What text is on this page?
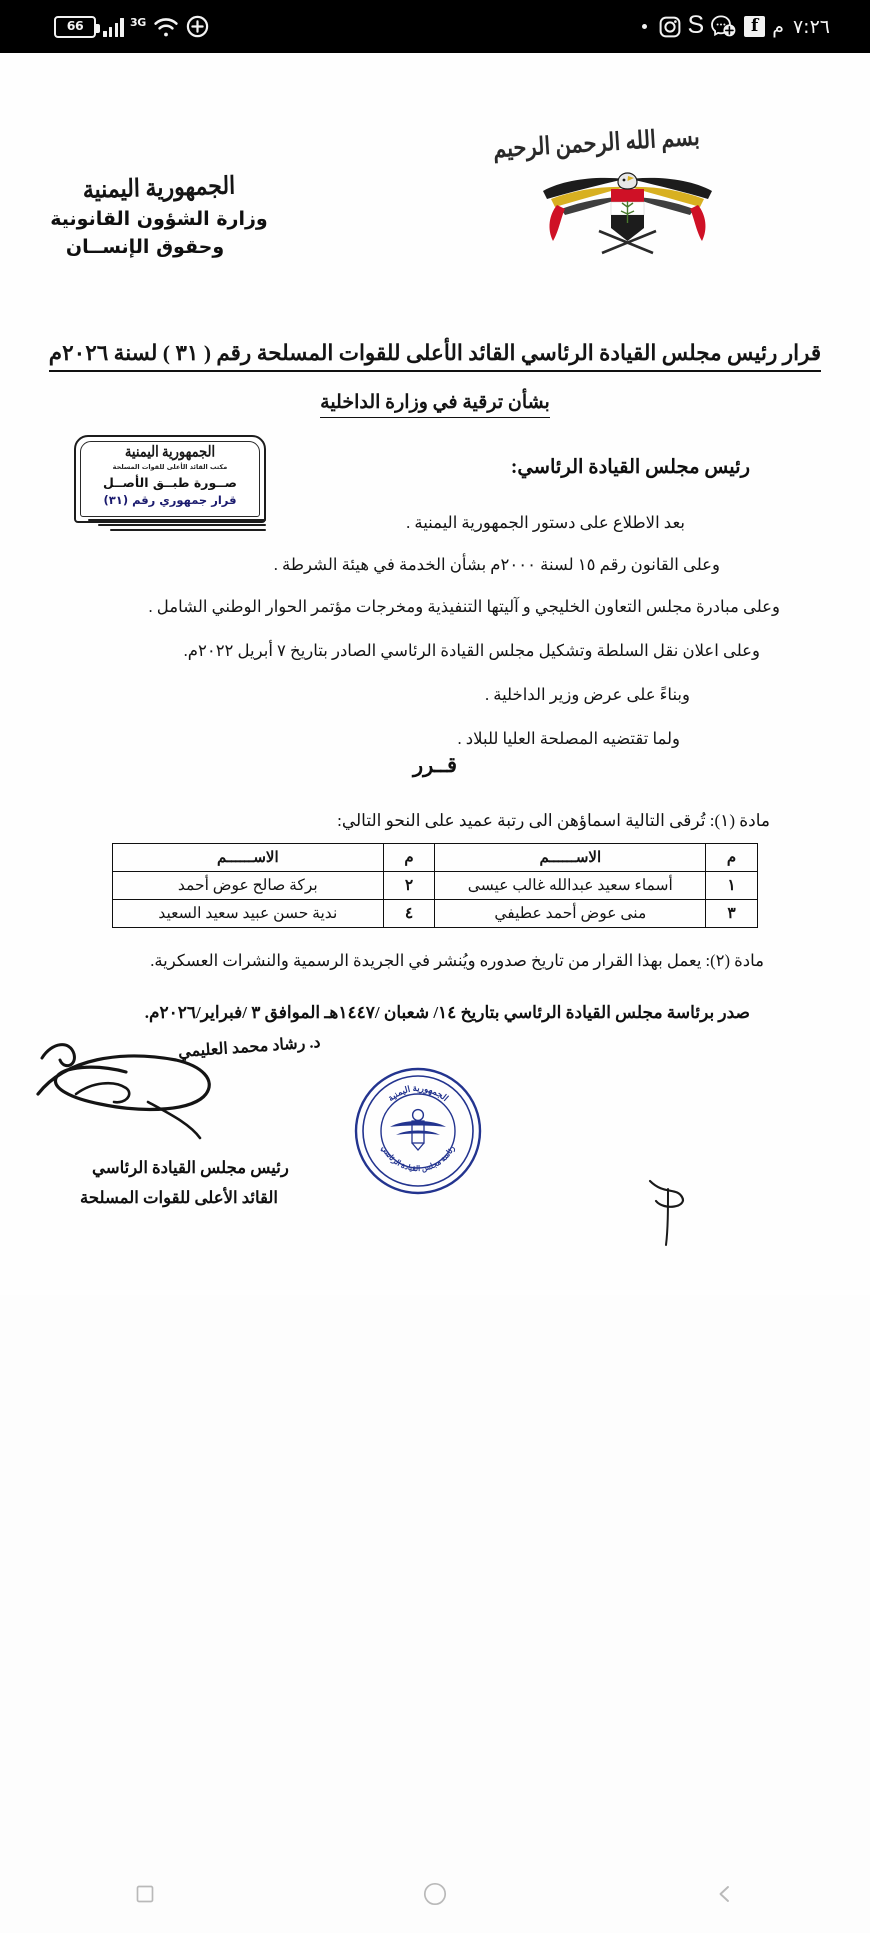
66	3G	S	f م ٧:٢٦
بسم الله الرحمن الرحيم
الجمهورية اليمنية
وزارة الشؤون القانونية
وحقوق الإنســان
قرار رئيس مجلس القيادة الرئاسي القائد الأعلى للقوات المسلحة رقم ( ٣١ ) لسنة ٢٠٢٦م
بشأن ترقية في وزارة الداخلية
الجمهورية اليمنية
مكتب القائد الأعلى للقوات المسلحة
صــورة طبــق الأصــل
قرار جمهوري رقم (٣١)
رئيس مجلس القيادة الرئاسي:
بعد الاطلاع على دستور الجمهورية اليمنية .
وعلى القانون رقم ١٥ لسنة ٢٠٠٠م بشأن الخدمة في هيئة الشرطة .
وعلى مبادرة مجلس التعاون الخليجي و آليتها التنفيذية ومخرجات مؤتمر الحوار الوطني الشامل .
وعلى اعلان نقل السلطة وتشكيل مجلس القيادة الرئاسي الصادر بتاريخ ٧ أبريل ٢٠٢٢م.
وبناءً على عرض وزير الداخلية .
ولما تقتضيه المصلحة العليا للبلاد .
قــرر
مادة (١): تُرقى التالية اسماؤهن الى رتبة عميد على النحو التالي:
م	الاســــــم	م	الاســــــم
١	أسماء سعيد عبدالله غالب عيسى	٢	بركة صالح عوض أحمد
٣	منى عوض أحمد عطيفي	٤	ندية حسن عبيد سعيد السعيد
مادة (٢): يعمل بهذا القرار من تاريخ صدوره ويُنشر في الجريدة الرسمية والنشرات العسكرية.
صدر برئاسة مجلس القيادة الرئاسي بتاريخ ١٤/ شعبان /١٤٤٧هـ الموافق ٣ /فبراير/٢٠٢٦م.
د. رشاد محمد العليمي
رئيس مجلس القيادة الرئاسي
القائد الأعلى للقوات المسلحة
الجمهورية اليمنية
رئاسة مجلس القيادة الرئاسي
